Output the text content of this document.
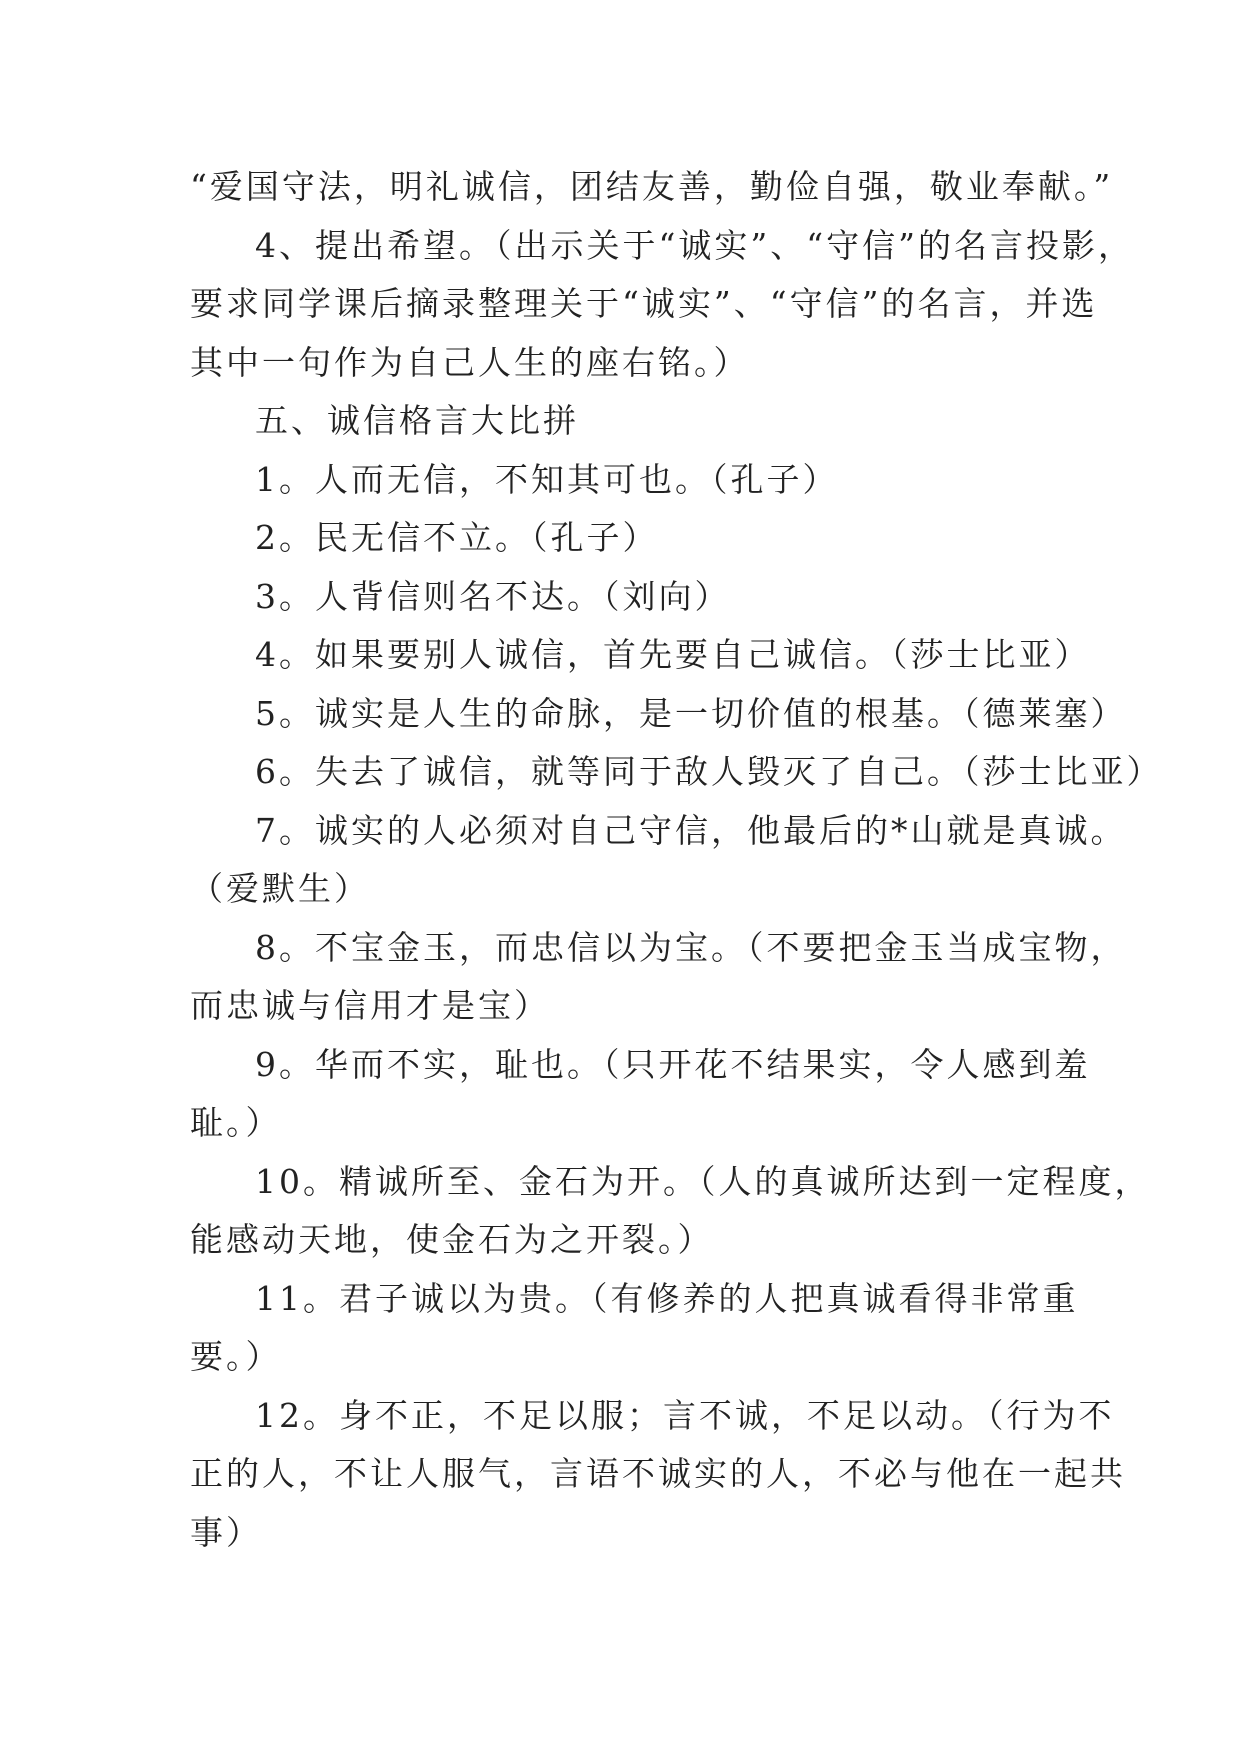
“爱国守法，明礼诚信，团结友善，勤俭自强，敬业奉献。”
4、提出希望。（出示关于“诚实”、“守信”的名言投影，
要求同学课后摘录整理关于“诚实”、“守信”的名言，并选
其中一句作为自己人生的座右铭。）
五、诚信格言大比拼
1。人而无信，不知其可也。（孔子）
2。民无信不立。（孔子）
3。人背信则名不达。（刘向）
4。如果要别人诚信，首先要自己诚信。（莎士比亚）
5。诚实是人生的命脉，是一切价值的根基。（德莱塞）
6。失去了诚信，就等同于敌人毁灭了自己。（莎士比亚）
7。诚实的人必须对自己守信，他最后的*山就是真诚。
（爱默生）
8。不宝金玉，而忠信以为宝。（不要把金玉当成宝物，
而忠诚与信用才是宝）
9。华而不实，耻也。（只开花不结果实，令人感到羞
耻。）
10。精诚所至、金石为开。（人的真诚所达到一定程度，
能感动天地，使金石为之开裂。）
11。君子诚以为贵。（有修养的人把真诚看得非常重
要。）
12。身不正，不足以服；言不诚，不足以动。（行为不
正的人，不让人服气，言语不诚实的人，不必与他在一起共
事）
